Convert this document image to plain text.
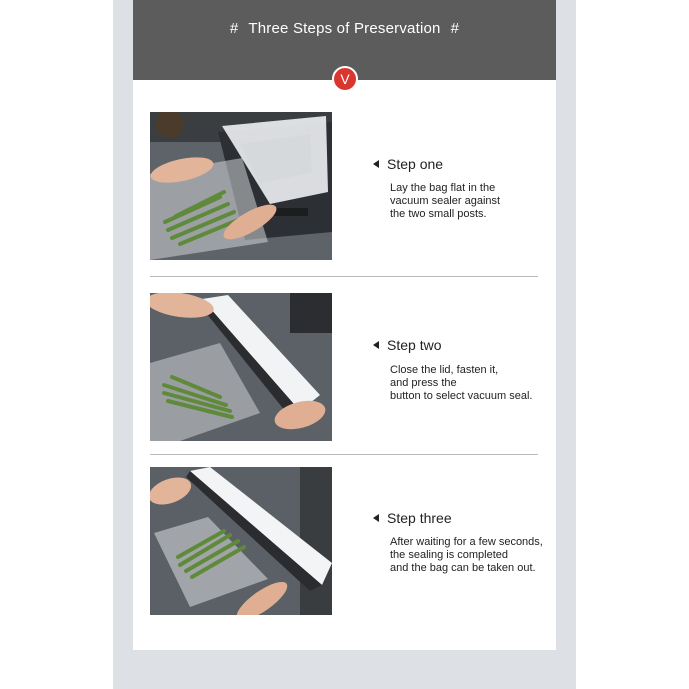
# Three Steps of Preservation #
V
Step one
Lay the bag flat in the
vacuum sealer against
the two small posts.
Step two
Close the lid, fasten it,
and press the
button to select vacuum seal.
Step three
After waiting for a few seconds,
the sealing is completed
and the bag can be taken out.
